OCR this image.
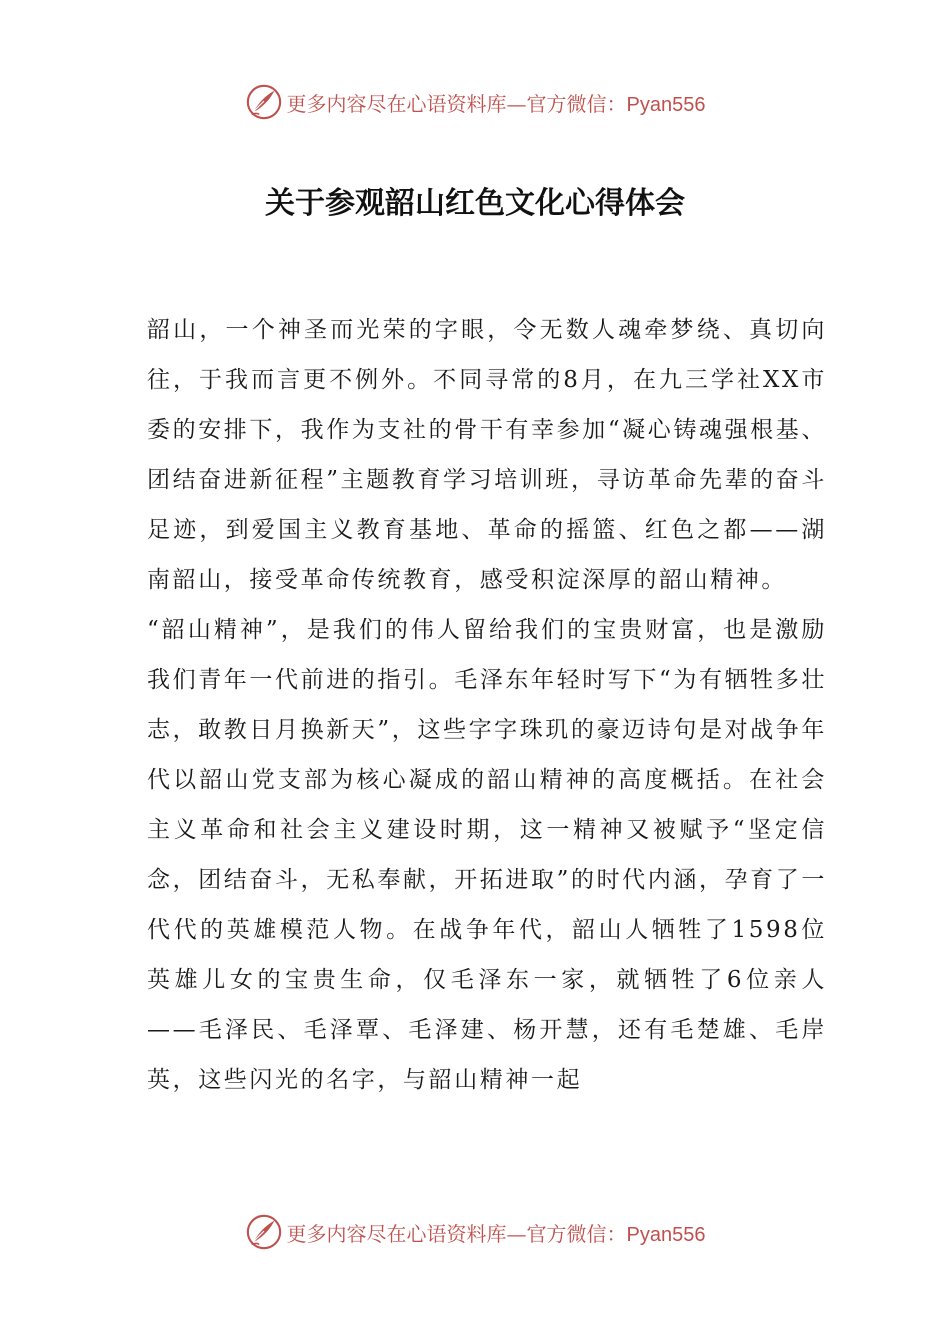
更多内容尽在心语资料库—官方微信：Pyan556
关于参观韶山红色文化心得体会

韶山，一个神圣而光荣的字眼，令无数人魂牵梦绕、真切向往，于我而言更不例外。不同寻常的8月，在九三学社XX市委的安排下，我作为支社的骨干有幸参加“凝心铸魂强根基、团结奋进新征程”主题教育学习培训班，寻访革命先辈的奋斗足迹，到爱国主义教育基地、革命的摇篮、红色之都——湖南韶山，接受革命传统教育，感受积淀深厚的韶山精神。

“韶山精神”，是我们的伟人留给我们的宝贵财富，也是激励我们青年一代前进的指引。毛泽东年轻时写下“为有牺牲多壮志，敢教日月换新天”，这些字字珠玑的豪迈诗句是对战争年代以韶山党支部为核心凝成的韶山精神的高度概括。在社会主义革命和社会主义建设时期，这一精神又被赋予“坚定信念，团结奋斗，无私奉献，开拓进取”的时代内涵，孕育了一代代的英雄模范人物。在战争年代，韶山人牺牲了1598位英雄儿女的宝贵生命，仅毛泽东一家，就牺牲了6位亲人——毛泽民、毛泽覃、毛泽建、杨开慧，还有毛楚雄、毛岸英，这些闪光的名字，与韶山精神一起

更多内容尽在心语资料库—官方微信：Pyan556
